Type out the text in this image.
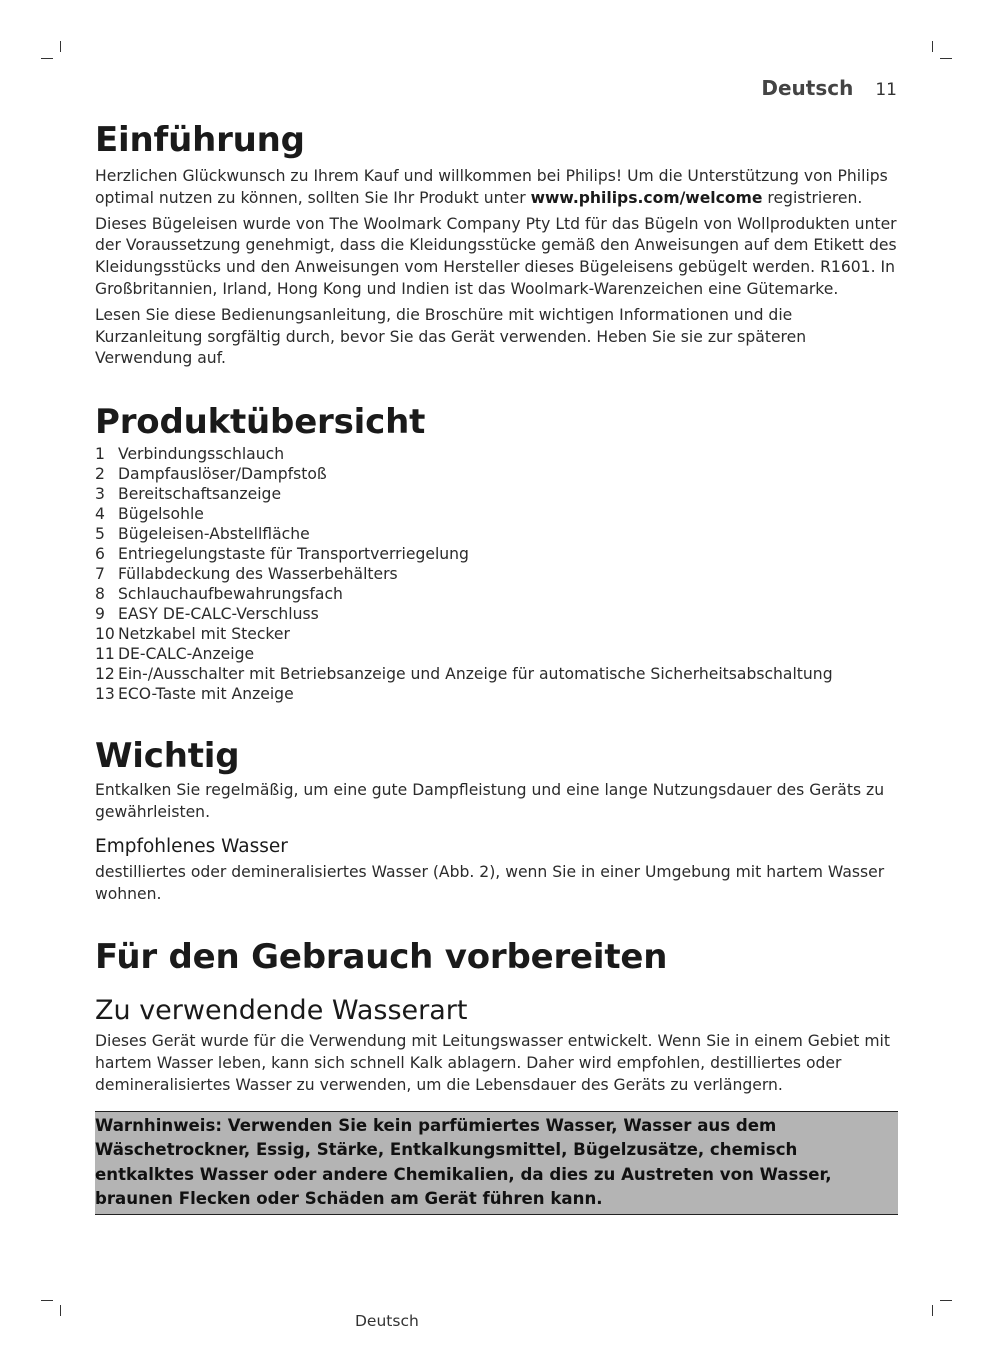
Deutsch 11
Einführung

Herzlichen Glückwunsch zu Ihrem Kauf und willkommen bei Philips! Um die Unterstützung von Philips optimal nutzen zu können, sollten Sie Ihr Produkt unter www.philips.com/welcome registrieren.

Dieses Bügeleisen wurde von The Woolmark Company Pty Ltd für das Bügeln von Wollprodukten unter der Voraussetzung genehmigt, dass die Kleidungsstücke gemäß den Anweisungen auf dem Etikett des Kleidungsstücks und den Anweisungen vom Hersteller dieses Bügeleisens gebügelt werden. R1601. In Großbritannien, Irland, Hong Kong und Indien ist das Woolmark-Warenzeichen eine Gütemarke.

Lesen Sie diese Bedienungsanleitung, die Broschüre mit wichtigen Informationen und die Kurzanleitung sorgfältig durch, bevor Sie das Gerät verwenden. Heben Sie sie zur späteren Verwendung auf.

Produktübersicht
1 Verbindungsschlauch
2 Dampfauslöser/Dampfstoß
3 Bereitschaftsanzeige
4 Bügelsohle
5 Bügeleisen-Abstellfläche
6 Entriegelungstaste für Transportverriegelung
7 Füllabdeckung des Wasserbehälters
8 Schlauchaufbewahrungsfach
9 EASY DE-CALC-Verschluss
10 Netzkabel mit Stecker
11 DE-CALC-Anzeige
12 Ein-/Ausschalter mit Betriebsanzeige und Anzeige für automatische Sicherheitsabschaltung
13 ECO-Taste mit Anzeige
Wichtig

Entkalken Sie regelmäßig, um eine gute Dampfleistung und eine lange Nutzungsdauer des Geräts zu gewährleisten.

Empfohlenes Wasser

destilliertes oder demineralisiertes Wasser (Abb. 2), wenn Sie in einer Umgebung mit hartem Wasser wohnen.

Für den Gebrauch vorbereiten
Zu verwendende Wasserart

Dieses Gerät wurde für die Verwendung mit Leitungswasser entwickelt. Wenn Sie in einem Gebiet mit hartem Wasser leben, kann sich schnell Kalk ablagern. Daher wird empfohlen, destilliertes oder demineralisiertes Wasser zu verwenden, um die Lebensdauer des Geräts zu verlängern.

Warnhinweis: Verwenden Sie kein parfümiertes Wasser, Wasser aus dem Wäschetrockner, Essig, Stärke, Entkalkungsmittel, Bügelzusätze, chemisch entkalktes Wasser oder andere Chemikalien, da dies zu Austreten von Wasser, braunen Flecken oder Schäden am Gerät führen kann.
Deutsch
